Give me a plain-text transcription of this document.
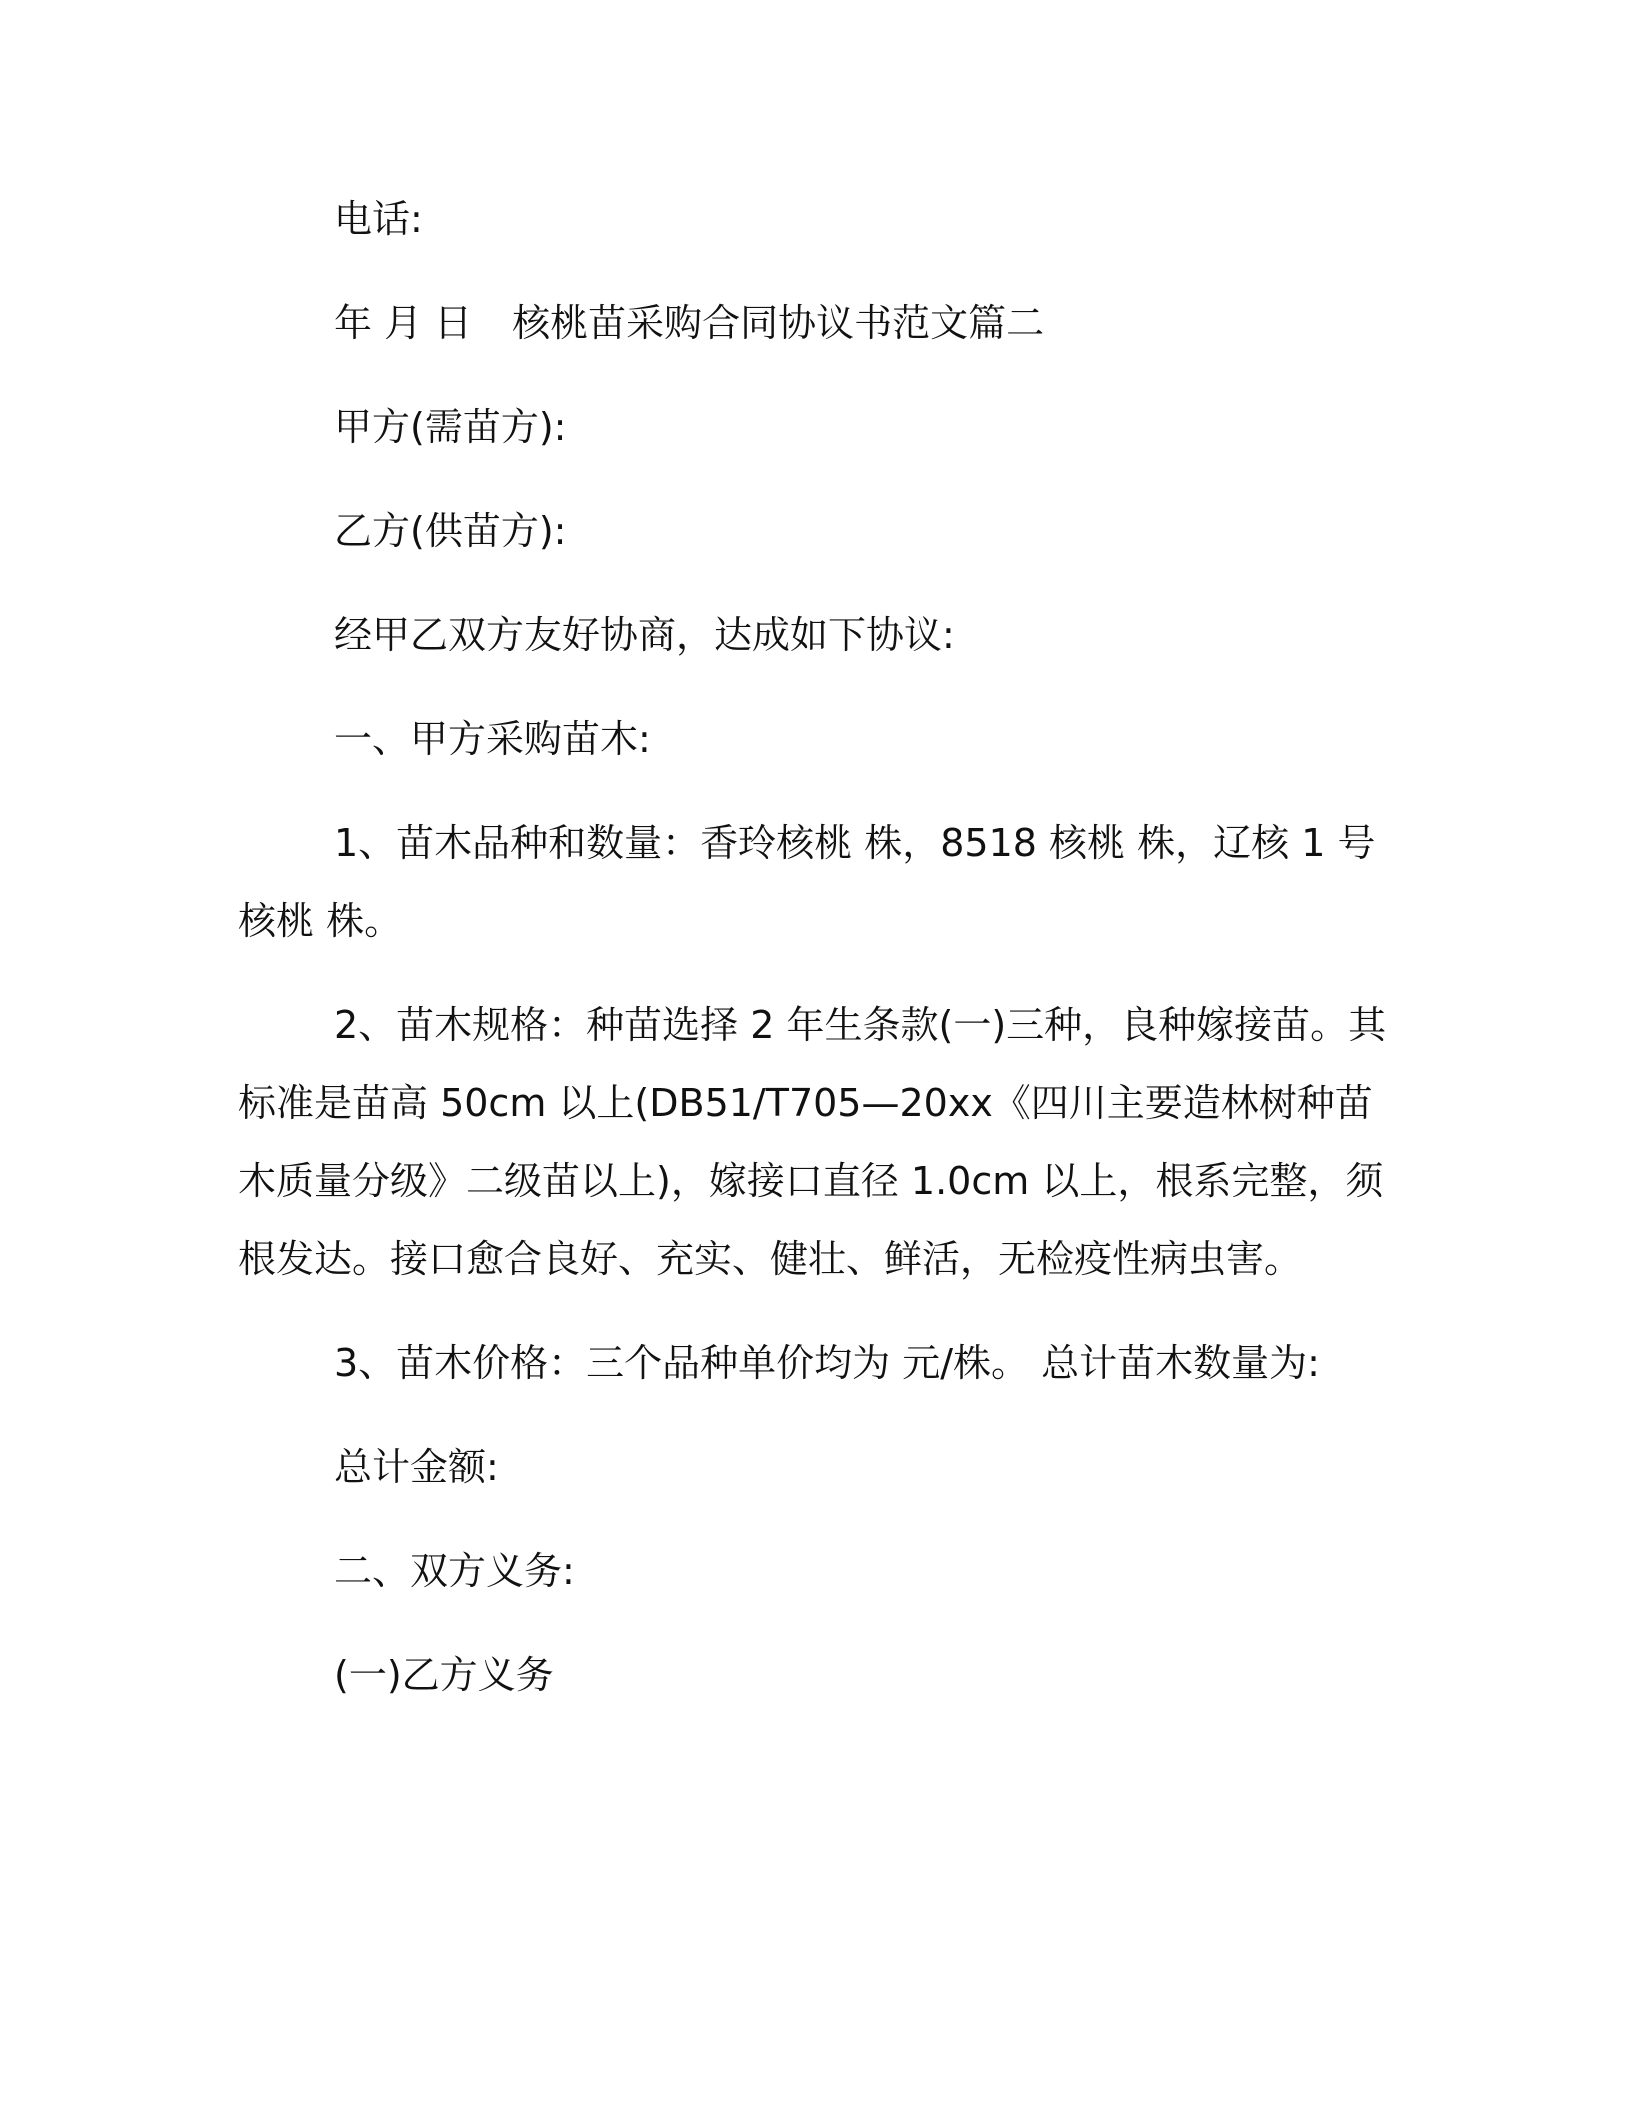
电话:

年 月 日 核桃苗采购合同协议书范文篇二

甲方(需苗方):

乙方(供苗方):

经甲乙双方友好协商，达成如下协议:

一、甲方采购苗木:

1、苗木品种和数量：香玲核桃 株，8518 核桃 株，辽核 1 号核桃 株。

2、苗木规格：种苗选择 2 年生条款(一)三种，良种嫁接苗。其标准是苗高 50cm 以上(DB51/T705—20xx《四川主要造林树种苗木质量分级》二级苗以上)，嫁接口直径 1.0cm 以上，根系完整，须根发达。接口愈合良好、充实、健壮、鲜活，无检疫性病虫害。

3、苗木价格：三个品种单价均为 元/株。 总计苗木数量为:

总计金额:

二、双方义务:

(一)乙方义务
